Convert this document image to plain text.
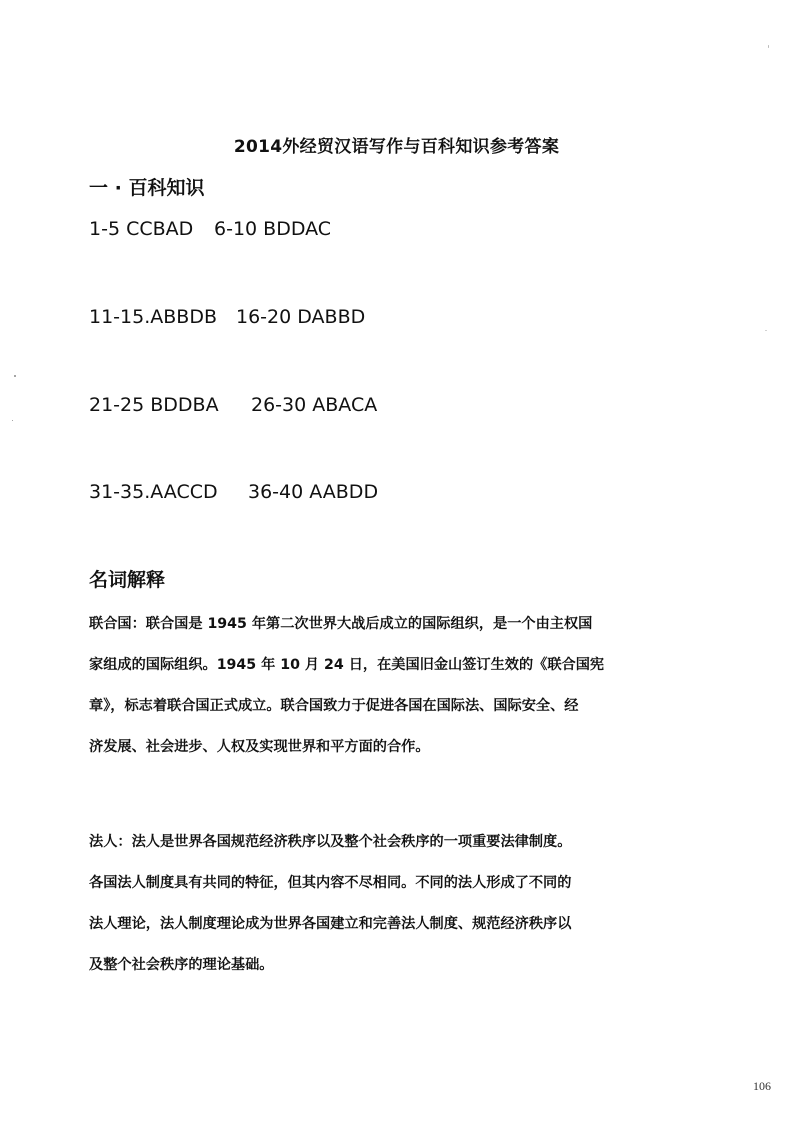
2014外经贸汉语写作与百科知识参考答案
一 · 百科知识
1-5 CCBAD 6-10 BDDAC
11-15.ABBDB 16-20 DABBD
21-25 BDDBA 26-30 ABACA
31-35.AACCD 36-40 AABDD
名词解释
联合国：联合国是 1945 年第二次世界大战后成立的国际组织，是一个由主权国
家组成的国际组织。1945 年 10 月 24 日，在美国旧金山签订生效的《联合国宪
章》，标志着联合国正式成立。联合国致力于促进各国在国际法、国际安全、经
济发展、社会进步、人权及实现世界和平方面的合作。
法人：法人是世界各国规范经济秩序以及整个社会秩序的一项重要法律制度。
各国法人制度具有共同的特征，但其内容不尽相同。不同的法人形成了不同的
法人理论，法人制度理论成为世界各国建立和完善法人制度、规范经济秩序以
及整个社会秩序的理论基础。
106
